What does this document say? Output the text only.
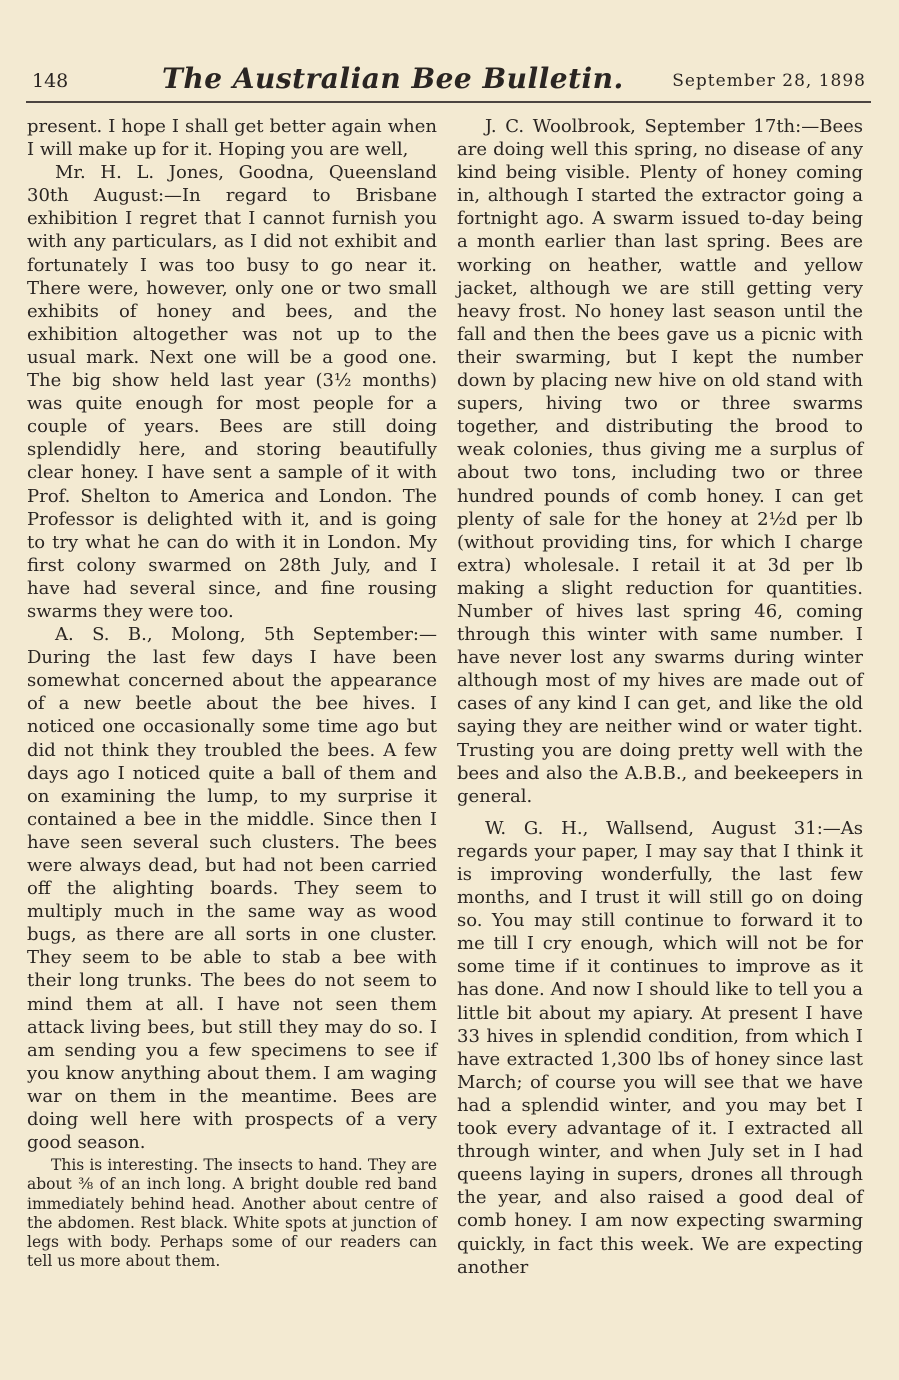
148	The Australian Bee Bulletin.	September 28, 1898

present. I hope I shall get better again when I will make up for it. Hoping you are well,

Mr. H. L. Jones, Goodna, Queensland 30th August:—In regard to Brisbane exhibition I regret that I cannot furnish you with any particulars, as I did not exhibit and fortunately I was too busy to go near it. There were, however, only one or two small exhibits of honey and bees, and the exhibition altogether was not up to the usual mark. Next one will be a good one. The big show held last year (3½ months) was quite enough for most people for a couple of years. Bees are still doing splendidly here, and storing beautifully clear honey. I have sent a sample of it with Prof. Shelton to America and London. The Professor is delighted with it, and is going to try what he can do with it in London. My first colony swarmed on 28th July, and I have had several since, and fine rousing swarms they were too.

A. S. B., Molong, 5th September:—During the last few days I have been somewhat concerned about the appearance of a new beetle about the bee hives. I noticed one occasionally some time ago but did not think they troubled the bees. A few days ago I noticed quite a ball of them and on examining the lump, to my surprise it contained a bee in the middle. Since then I have seen several such clusters. The bees were always dead, but had not been carried off the alighting boards. They seem to multiply much in the same way as wood bugs, as there are all sorts in one cluster. They seem to be able to stab a bee with their long trunks. The bees do not seem to mind them at all. I have not seen them attack living bees, but still they may do so. I am sending you a few specimens to see if you know anything about them. I am waging war on them in the meantime. Bees are doing well here with prospects of a very good season.

This is interesting. The insects to hand. They are about ⅜ of an inch long. A bright double red band immediately behind head. Another about centre of the abdomen. Rest black. White spots at junction of legs with body. Perhaps some of our readers can tell us more about them.

J. C. Woolbrook, September 17th:—Bees are doing well this spring, no disease of any kind being visible. Plenty of honey coming in, although I started the extractor going a fortnight ago. A swarm issued to-day being a month earlier than last spring. Bees are working on heather, wattle and yellow jacket, although we are still getting very heavy frost. No honey last season until the fall and then the bees gave us a picnic with their swarming, but I kept the number down by placing new hive on old stand with supers, hiving two or three swarms together, and distributing the brood to weak colonies, thus giving me a surplus of about two tons, including two or three hundred pounds of comb honey. I can get plenty of sale for the honey at 2½d per lb (without providing tins, for which I charge extra) wholesale. I retail it at 3d per lb making a slight reduction for quantities. Number of hives last spring 46, coming through this winter with same number. I have never lost any swarms during winter although most of my hives are made out of cases of any kind I can get, and like the old saying they are neither wind or water tight. Trusting you are doing pretty well with the bees and also the A.B.B., and beekeepers in general.

W. G. H., Wallsend, August 31:—As regards your paper, I may say that I think it is improving wonderfully, the last few months, and I trust it will still go on doing so. You may still continue to forward it to me till I cry enough, which will not be for some time if it continues to improve as it has done. And now I should like to tell you a little bit about my apiary. At present I have 33 hives in splendid condition, from which I have extracted 1,300 lbs of honey since last March; of course you will see that we have had a splendid winter, and you may bet I took every advantage of it. I extracted all through winter, and when July set in I had queens laying in supers, drones all through the year, and also raised a good deal of comb honey. I am now expecting swarming quickly, in fact this week. We are expecting another
